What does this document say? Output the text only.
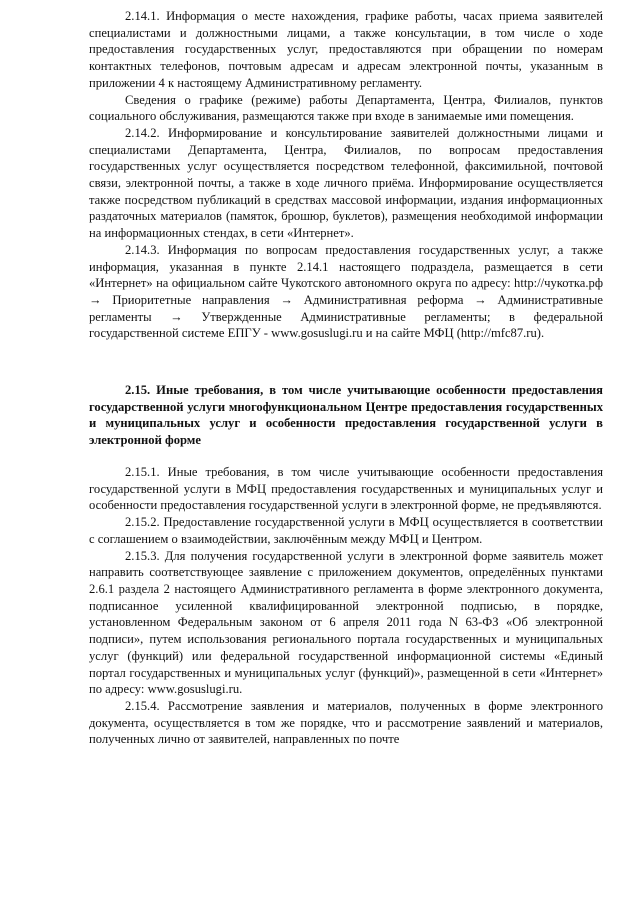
2.14.1. Информация о месте нахождения, графике работы, часах приема заявителей специалистами и должностными лицами, а также консультации, в том числе о ходе предоставления государственных услуг, предоставляются при обращении по номерам контактных телефонов, почтовым адресам и адресам электронной почты, указанным в приложении 4 к настоящему Административному регламенту.

Сведения о графике (режиме) работы Департамента, Центра, Филиалов, пунктов социального обслуживания, размещаются также при входе в занимаемые ими помещения.

2.14.2. Информирование и консультирование заявителей должностными лицами и специалистами Департамента, Центра, Филиалов, по вопросам предоставления государственных услуг осуществляется посредством телефонной, факсимильной, почтовой связи, электронной почты, а также в ходе личного приёма. Информирование осуществляется также посредством публикаций в средствах массовой информации, издания информационных раздаточных материалов (памяток, брошюр, буклетов), размещения необходимой информации на информационных стендах, в сети «Интернет».

2.14.3. Информация по вопросам предоставления государственных услуг, а также информация, указанная в пункте 2.14.1 настоящего подраздела, размещается в сети «Интернет» на официальном сайте Чукотского автономного округа по адресу: http://чукотка.рф → Приоритетные направления → Административная реформа → Административные регламенты → Утвержденные Административные регламенты; в федеральной государственной системе ЕПГУ - www.gosuslugi.ru и на сайте МФЦ (http://mfc87.ru).

2.15. Иные требования, в том числе учитывающие особенности предоставления государственной услуги многофункциональном Центре предоставления государственных и муниципальных услуг и особенности предоставления государственной услуги в электронной форме

2.15.1. Иные требования, в том числе учитывающие особенности предоставления государственной услуги в МФЦ предоставления государственных и муниципальных услуг и особенности предоставления государственной услуги в электронной форме, не предъявляются.

2.15.2. Предоставление государственной услуги в МФЦ осуществляется в соответствии с соглашением о взаимодействии, заключённым между МФЦ и Центром.

2.15.3. Для получения государственной услуги в электронной форме заявитель может направить соответствующее заявление с приложением документов, определённых пунктами 2.6.1 раздела 2 настоящего Административного регламента в форме электронного документа, подписанное усиленной квалифицированной электронной подписью, в порядке, установленном Федеральным законом от 6 апреля 2011 года N 63-ФЗ «Об электронной подписи», путем использования регионального портала государственных и муниципальных услуг (функций) или федеральной государственной информационной системы «Единый портал государственных и муниципальных услуг (функций)», размещенной в сети «Интернет» по адресу: www.gosuslugi.ru.

2.15.4. Рассмотрение заявления и материалов, полученных в форме электронного документа, осуществляется в том же порядке, что и рассмотрение заявлений и материалов, полученных лично от заявителей, направленных по почте
